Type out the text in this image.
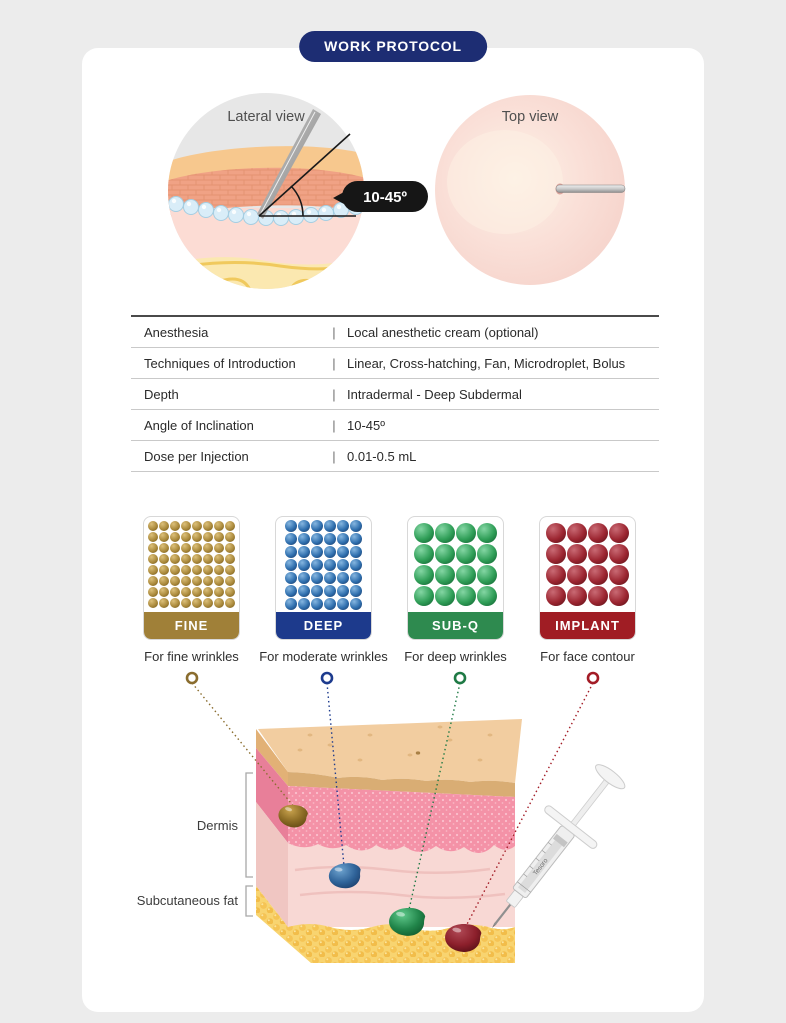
WORK PROTOCOL
10-45º
Lateral view	Top view
Anesthesia	| Local anesthetic cream (optional)
Techniques of Introduction	| Linear, Cross-hatching, Fan, Microdroplet, Bolus
Depth	| Intradermal - Deep Subdermal
Angle of Inclination	| 10-45º
Dose per Injection	| 0.01-0.5 mL
FINE
For fine wrinkles
DEEP
For moderate wrinkles
SUB-Q
For deep wrinkles
IMPLANT
For face contour
Dermis
Subcutaneous fat
Tesoro
